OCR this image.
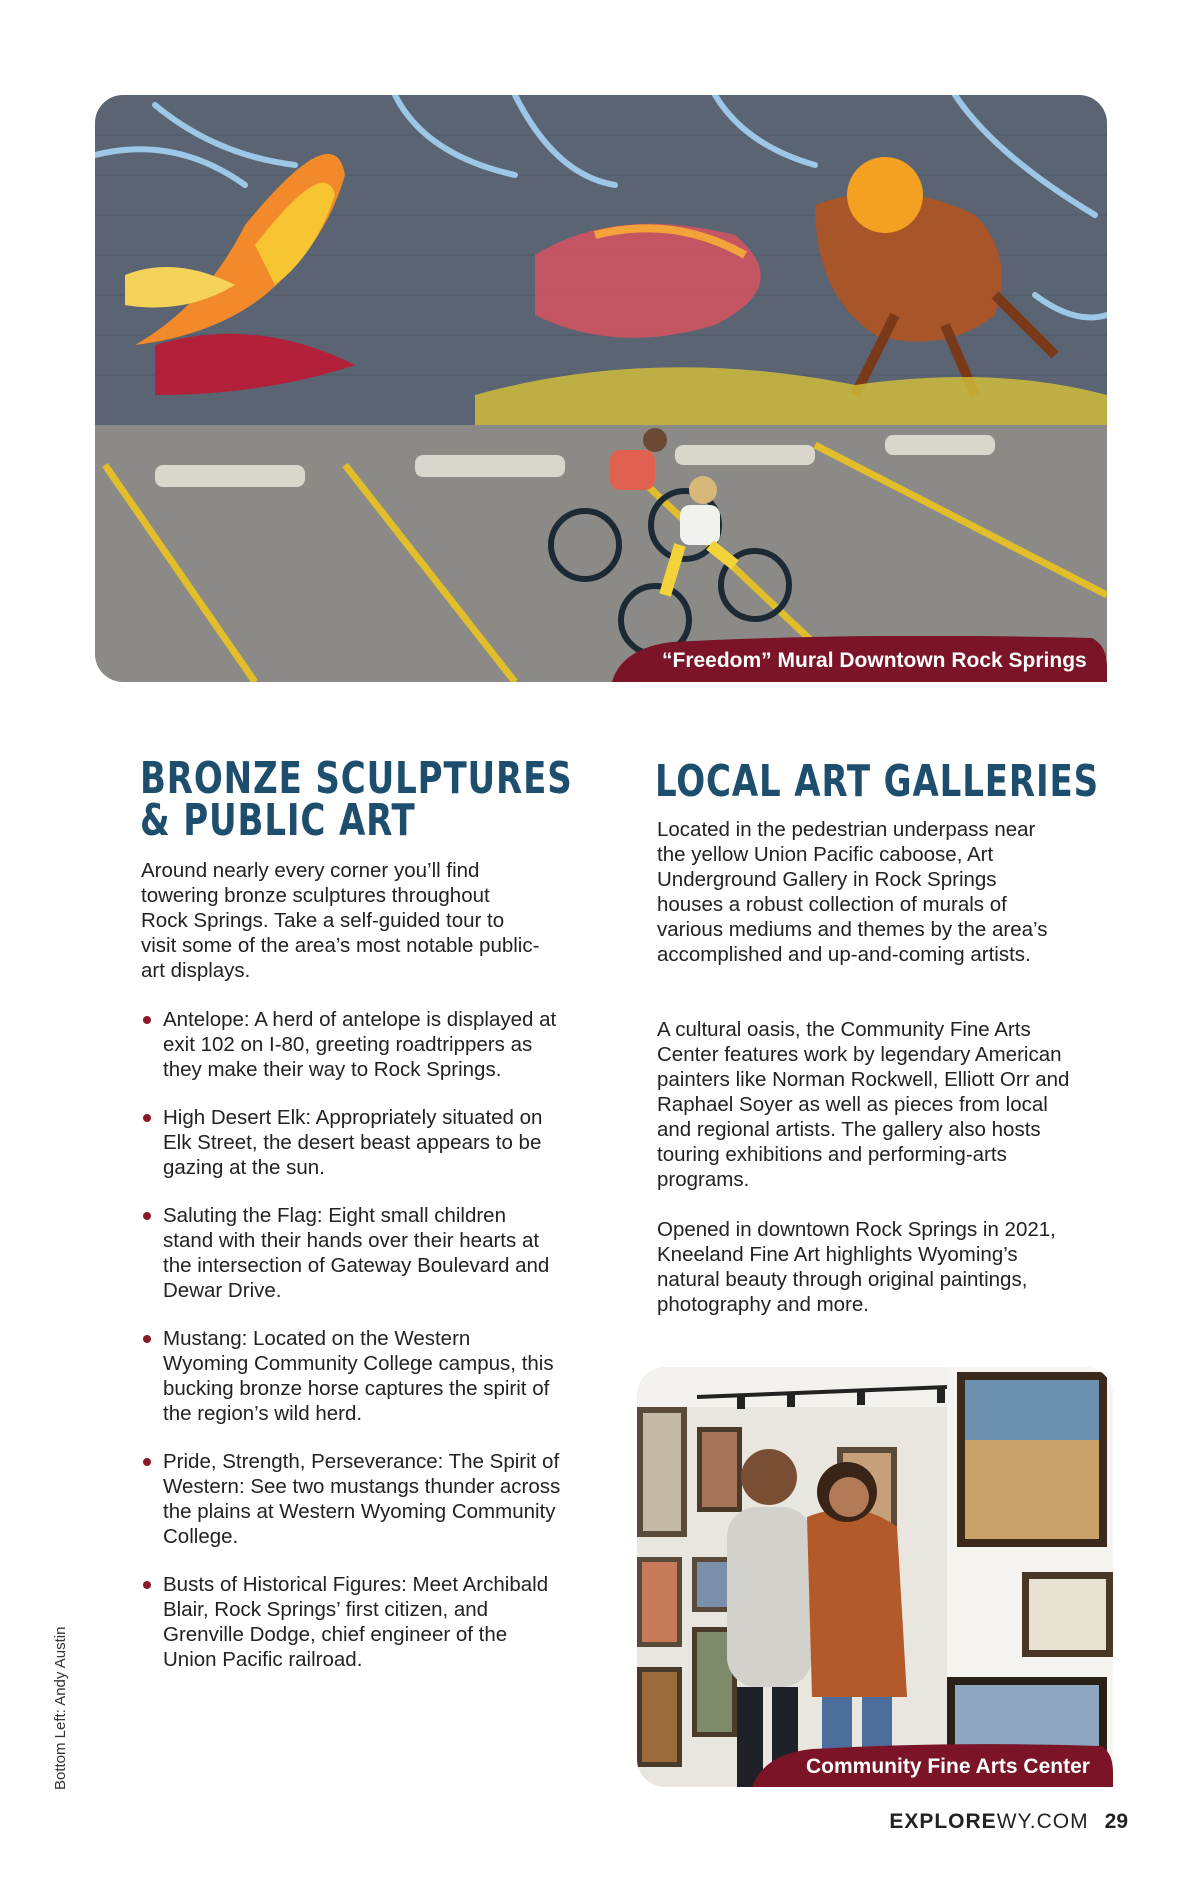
“Freedom” Mural Downtown Rock Springs
BRONZE SCULPTURES
& PUBLIC ART

Around nearly every corner you’ll find towering bronze sculptures throughout Rock Springs. Take a self-guided tour to visit some of the area’s most notable public-art displays.

Antelope: A herd of antelope is displayed at exit 102 on I-80, greeting roadtrippers as they make their way to Rock Springs.
High Desert Elk: Appropriately situated on Elk Street, the desert beast appears to be gazing at the sun.
Saluting the Flag: Eight small children stand with their hands over their hearts at the intersection of Gateway Boulevard and Dewar Drive.
Mustang: Located on the Western Wyoming Community College campus, this bucking bronze horse captures the spirit of the region’s wild herd.
Pride, Strength, Perseverance: The Spirit of Western: See two mustangs thunder across the plains at Western Wyoming Community College.
Busts of Historical Figures: Meet Archibald Blair, Rock Springs’ first citizen, and Grenville Dodge, chief engineer of the Union Pacific railroad.
LOCAL ART GALLERIES

Located in the pedestrian underpass near the yellow Union Pacific caboose, Art Underground Gallery in Rock Springs houses a robust collection of murals of various mediums and themes by the area’s accomplished and up-and-coming artists.

A cultural oasis, the Community Fine Arts Center features work by legendary American painters like Norman Rockwell, Elliott Orr and Raphael Soyer as well as pieces from local and regional artists. The gallery also hosts touring exhibitions and performing-arts programs.

Opened in downtown Rock Springs in 2021, Kneeland Fine Art highlights Wyoming’s natural beauty through original paintings, photography and more.

Community Fine Arts Center
Bottom Left: Andy Austin
EXPLOREWY.COM 29
